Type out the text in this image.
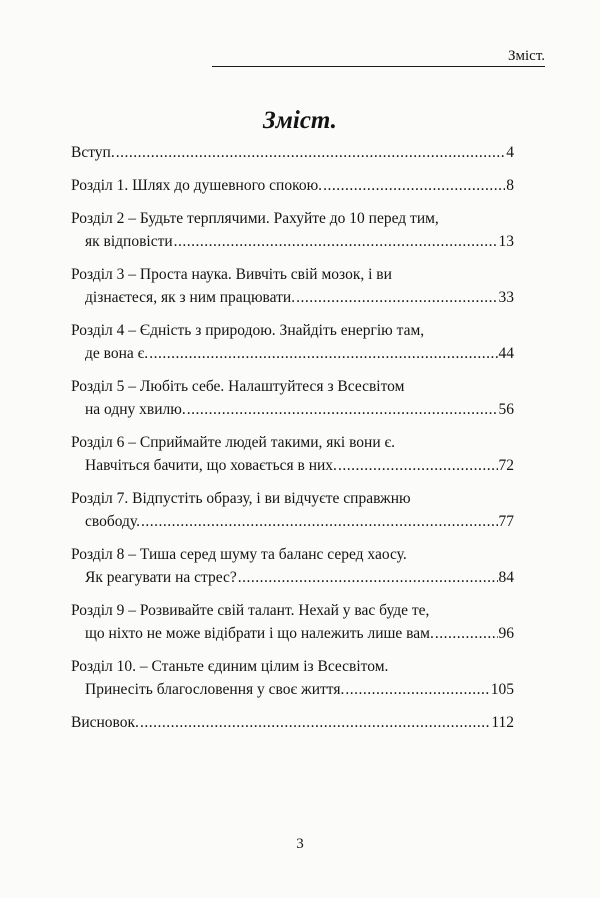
Зміст.
Зміст.
Вступ. .....	4
Розділ 1. Шлях до душевного спокою. .....	8
Розділ 2 – Будьте терплячими. Рахуйте до 10 перед тим,
як відповісти .....	13
Розділ 3 – Проста наука. Вивчіть свій мозок, і ви
дізнаєтеся, як з ним працювати. .....	33
Розділ 4 – Єдність з природою. Знайдіть енергію там,
де вона є. .....	44
Розділ 5 – Любіть себе. Налаштуйтеся з Всесвітом
на одну хвилю. .....	56
Розділ 6 – Сприймайте людей такими, які вони є.
Навчіться бачити, що ховається в них. .....	72
Розділ 7. Відпустіть образу, і ви відчуєте справжню
свободу. .....	77
Розділ 8 – Тиша серед шуму та баланс серед хаосу.
Як реагувати на стрес? .....	84
Розділ 9 – Розвивайте свій талант. Нехай у вас буде те,
що ніхто не може відібрати і що належить лише вам. .....	96
Розділ 10. – Станьте єдиним цілим із Всесвітом.
Принесіть благословення у своє життя. .....	105
Висновок. .....	112
3
